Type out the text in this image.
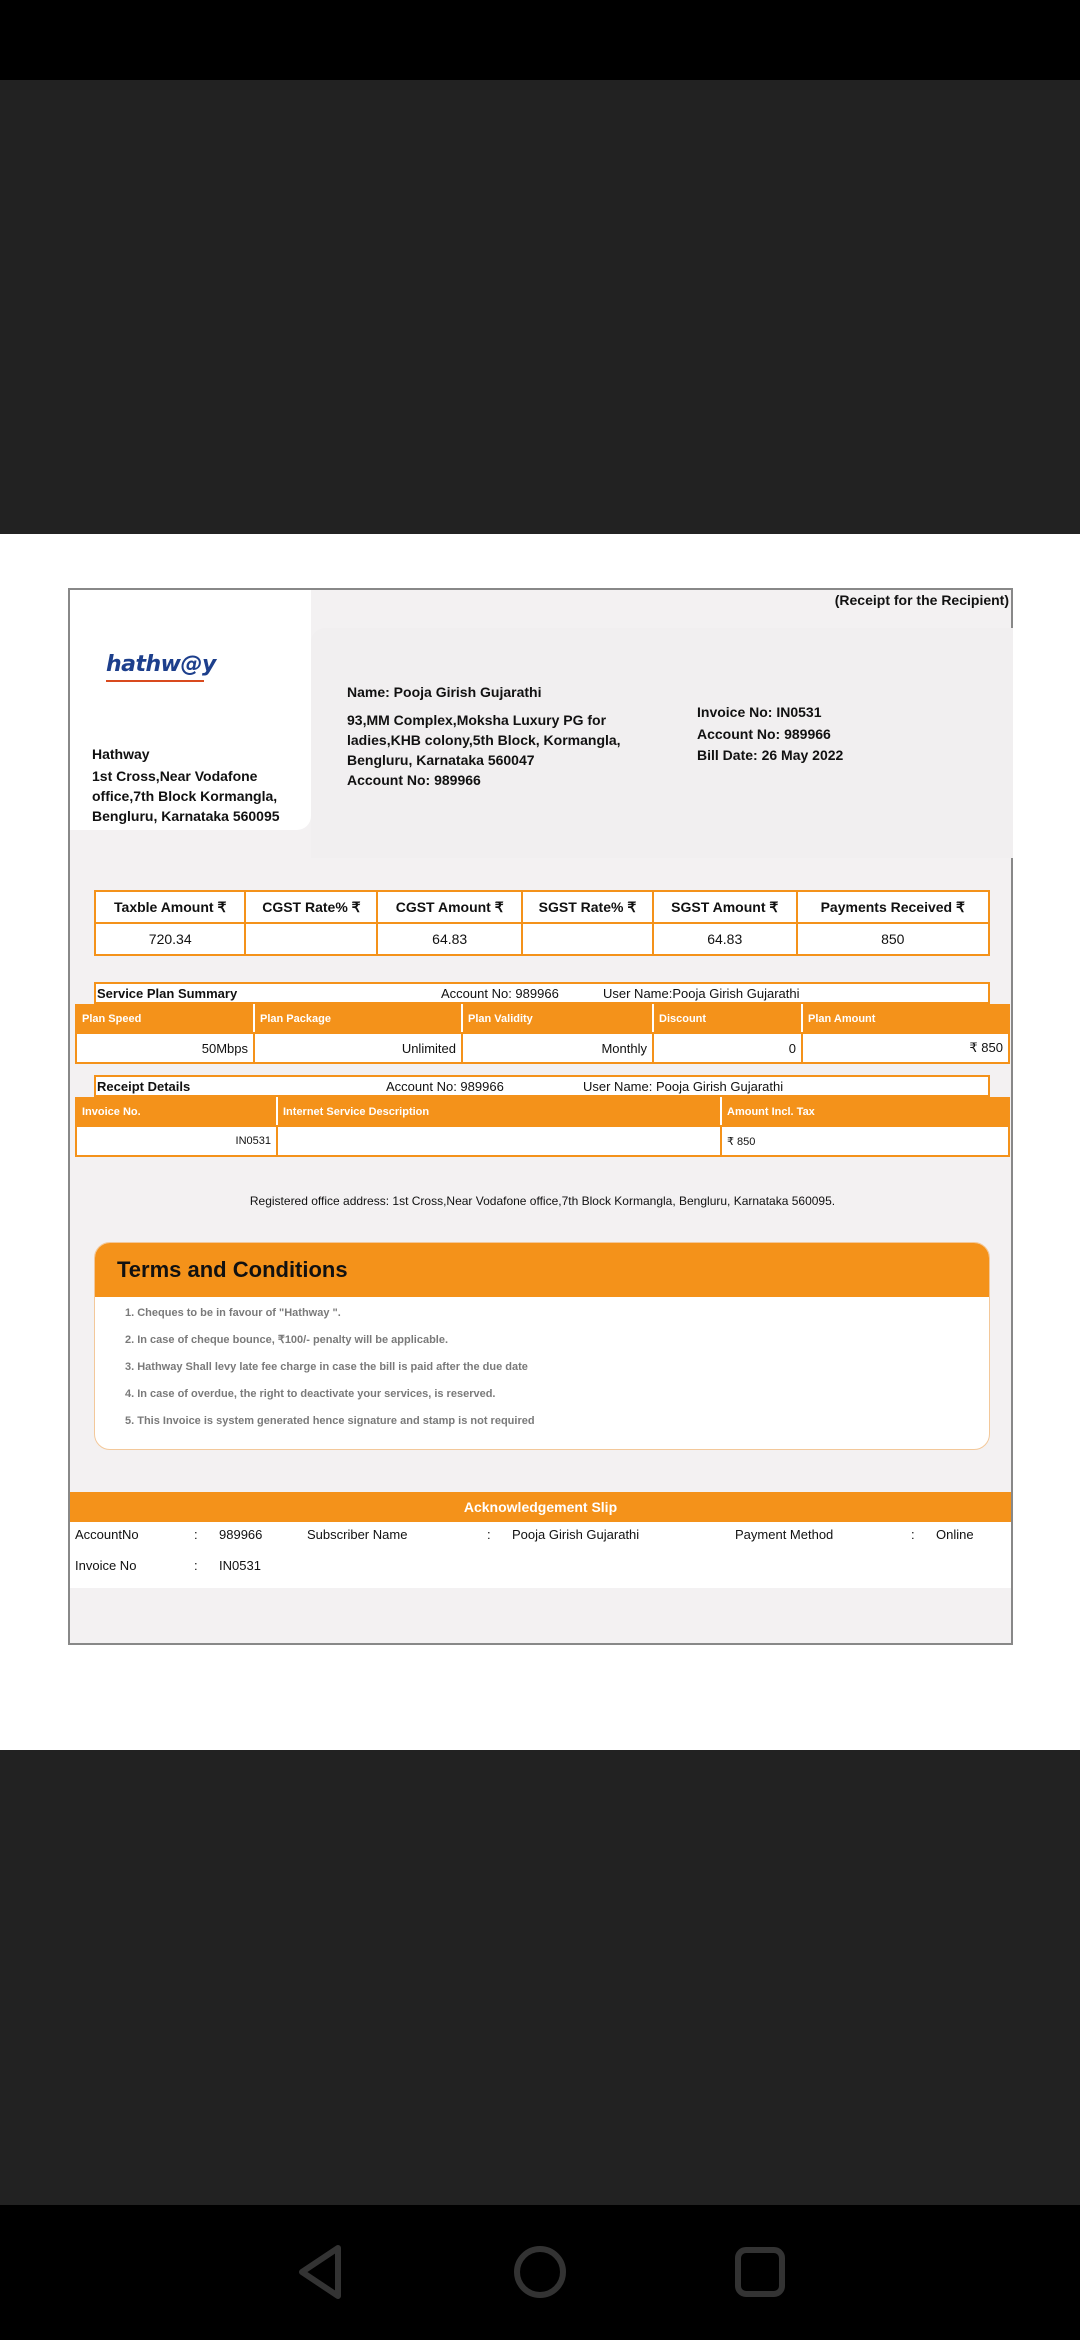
(Receipt for the Recipient)
hathw@y
Hathway
1st Cross,Near Vodafone office,7th Block Kormangla, Bengluru, Karnataka 560095
Name: Pooja Girish Gujarathi
93,MM Complex,Moksha Luxury PG for ladies,KHB colony,5th Block, Kormangla, Bengluru, Karnataka 560047
Account No: 989966
Invoice No: IN0531
Account No: 989966
Bill Date: 26 May 2022
Taxble Amount ₹	CGST Rate% ₹	CGST Amount ₹	SGST Rate% ₹	SGST Amount ₹	Payments Received ₹
720.34		64.83		64.83	850
Service Plan Summary	Account No: 989966	User Name:Pooja Girish Gujarathi
Plan Speed	Plan Package	Plan Validity	Discount	Plan Amount
50Mbps	Unlimited	Monthly	0	₹ 850
Receipt Details	Account No: 989966	User Name: Pooja Girish Gujarathi
Invoice No.	Internet Service Description	Amount Incl. Tax
IN0531		₹ 850
Registered office address: 1st Cross,Near Vodafone office,7th Block Kormangla, Bengluru, Karnataka 560095.
Terms and Conditions
1. Cheques to be in favour of "Hathway ".
2. In case of cheque bounce, ₹100/- penalty will be applicable.
3. Hathway Shall levy late fee charge in case the bill is paid after the due date
4. In case of overdue, the right to deactivate your services, is reserved.
5. This Invoice is system generated hence signature and stamp is not required
Acknowledgement Slip
AccountNo	: 989966	Subscriber Name	: Pooja Girish Gujarathi	Payment Method	: Online
Invoice No	: IN0531
